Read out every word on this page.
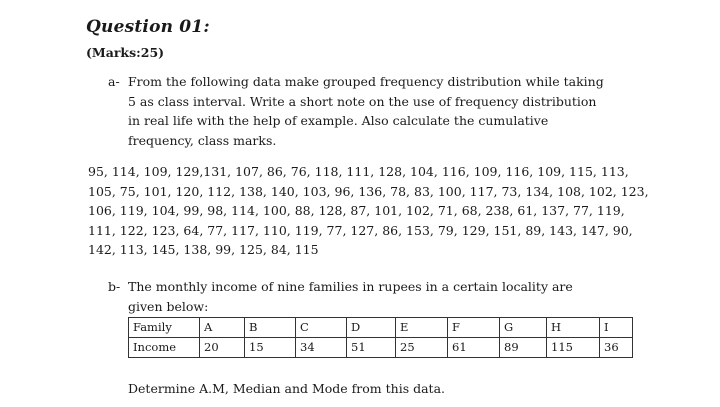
Question 01:
(Marks:25)
a- From the following data make grouped frequency distribution while taking
5 as class interval. Write a short note on the use of frequency distribution
in real life with the help of example. Also calculate the cumulative
frequency, class marks.
95, 114, 109, 129,131, 107, 86, 76, 118, 111, 128, 104, 116, 109, 116, 109, 115, 113,
105, 75, 101, 120, 112, 138, 140, 103, 96, 136, 78, 83, 100, 117, 73, 134, 108, 102, 123,
106, 119, 104, 99, 98, 114, 100, 88, 128, 87, 101, 102, 71, 68, 238, 61, 137, 77, 119,
111, 122, 123, 64, 77, 117, 110, 119, 77, 127, 86, 153, 79, 129, 151, 89, 143, 147, 90,
142, 113, 145, 138, 99, 125, 84, 115
b- The monthly income of nine families in rupees in a certain locality are
given below:
Family	A	B	C	D	E	F	G	H	I
Income	20	15	34	51	25	61	89	115	36
Determine A.M, Median and Mode from this data.
